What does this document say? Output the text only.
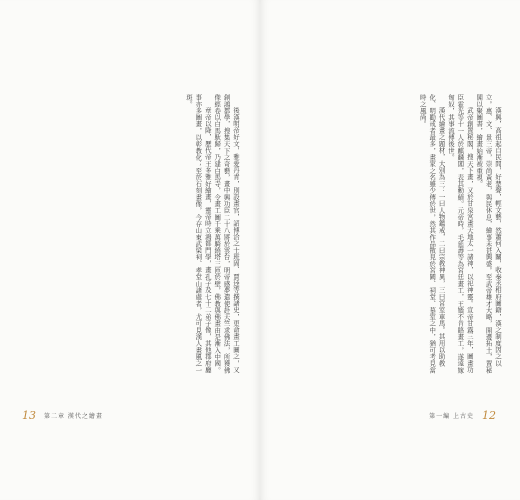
後漢明帝好文，雅愛丹青，別設畫官，詔博洽之士班固、賈逵等撰諸史，更命畫工圖之，又創鴻都學，搜集天下之奇藝，畫中興功臣二十八將於雲台，明帝感夢遣使赴天竺求佛法，所獲佛像經卷以白馬馱歸，乃建白馬寺，令畫工圖千乘萬騎繞塔三匝於壁，佛教與佛畫由是漸入中國。

章帝以降，歷代帝王多雅好繪畫，靈帝時立鴻都門學，畫孔子及七十二弟子像，其他郡府廳事亦多圖畫，以彰教化；至於石刻畫像，今存山東武梁祠、孝堂山諸處者，尤可見漢人畫風之一斑。

13 第二章 漢代之繪畫

漢興，高祖起自民間，好楚聲，輕文藝，然蕭何入關，收秦丞相府圖籍，漢之制度因之以立。惠、文、景三帝，崇尚黃老，與民休息，繪事未甚興盛。至武帝雄才大略，開邊拓土，置秘閣以聚圖書，繪畫始漸被重視。

武帝創置秘閣，搜天下畫，又於甘泉宮畫天地太一諸神，以祀神靈。宣帝甘露三年，圖畫功臣霍光等十一人於麒麟閣，表其勳績。元帝時，毛延壽等為宮廷畫工，王嬙不肯賂畫工，遂遠嫁匈奴，其事流傳後世。

漢代繪畫之題材，大別為三：一曰人物鑑戒，二曰宗教神異，三曰宮室車馬。其用以助教化、明勸戒者最多，畫家之名雖少傳於世，然其作品散見於宮闕、祠堂、墓室之中，猶可考見當時之風尚。

第一編 上古史 12
